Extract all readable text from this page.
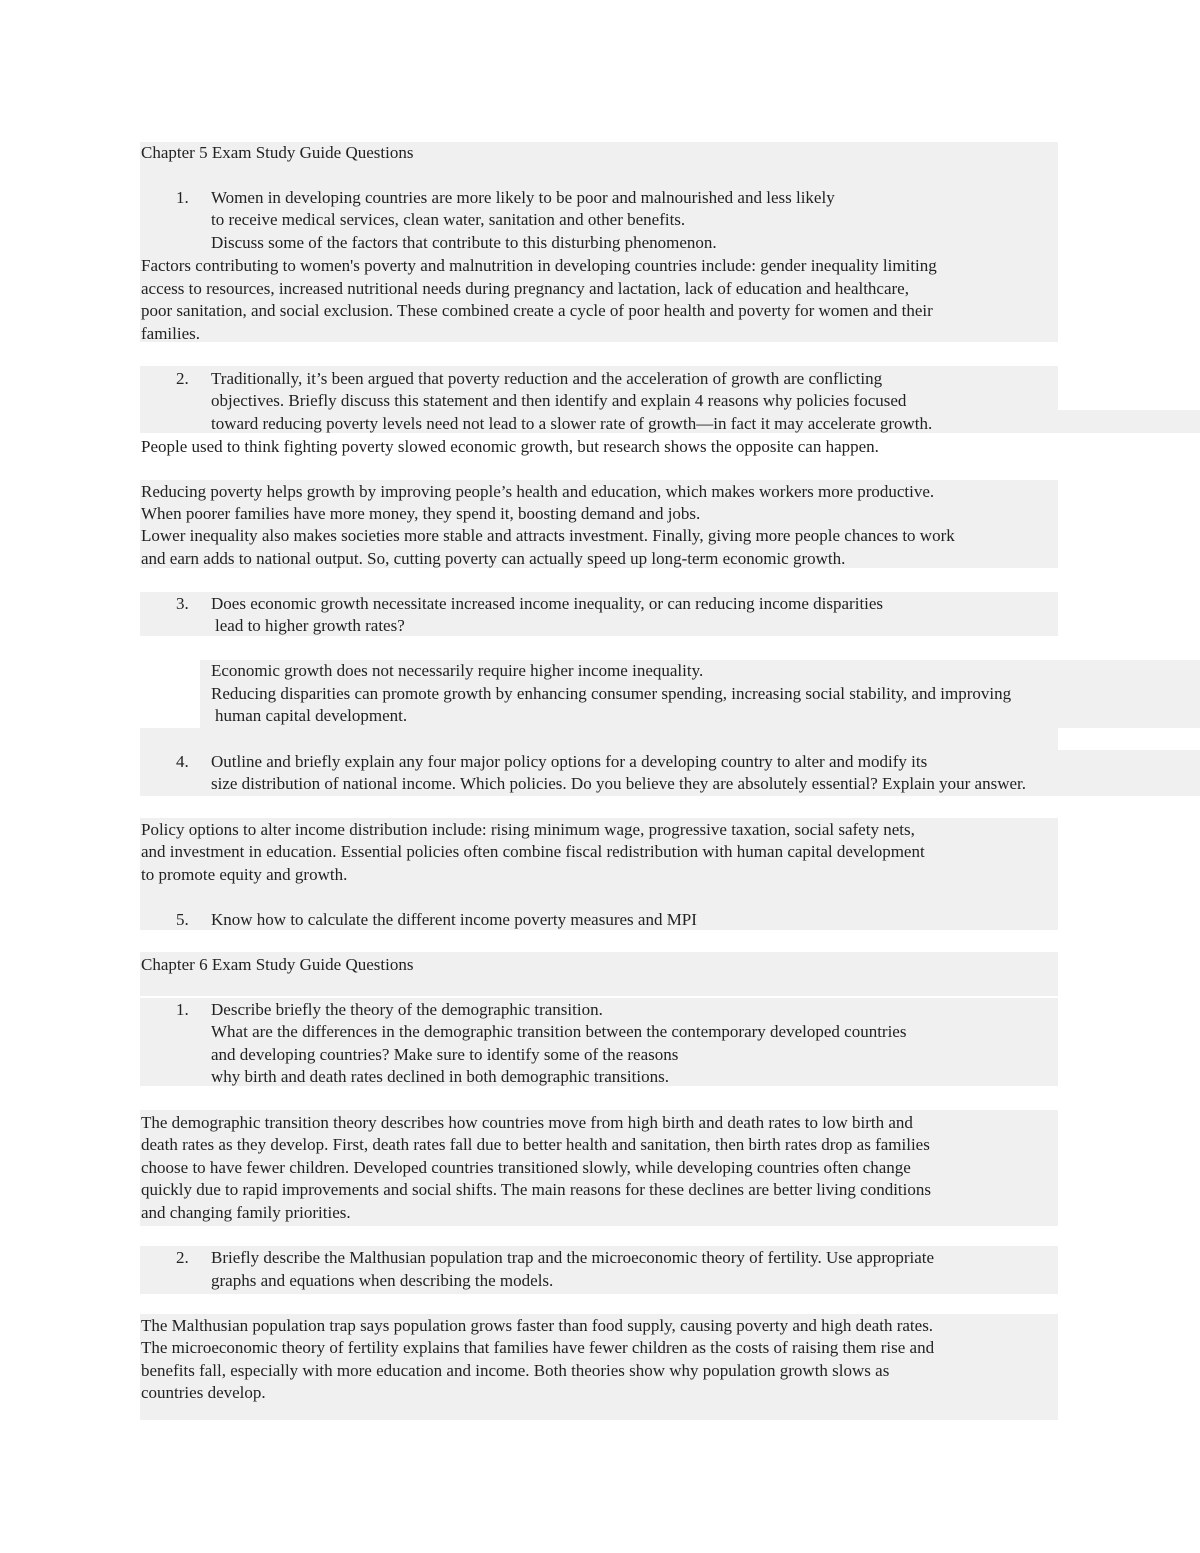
Chapter 5 Exam Study Guide Questions
1. Women in developing countries are more likely to be poor and malnourished and less likely
to receive medical services, clean water, sanitation and other benefits.
Discuss some of the factors that contribute to this disturbing phenomenon.
Factors contributing to women's poverty and malnutrition in developing countries include: gender inequality limiting
access to resources, increased nutritional needs during pregnancy and lactation, lack of education and healthcare,
poor sanitation, and social exclusion. These combined create a cycle of poor health and poverty for women and their
families.
2. Traditionally, it’s been argued that poverty reduction and the acceleration of growth are conflicting
objectives. Briefly discuss this statement and then identify and explain 4 reasons why policies focused
toward reducing poverty levels need not lead to a slower rate of growth—in fact it may accelerate growth.
People used to think fighting poverty slowed economic growth, but research shows the opposite can happen.
Reducing poverty helps growth by improving people’s health and education, which makes workers more productive.
When poorer families have more money, they spend it, boosting demand and jobs.
Lower inequality also makes societies more stable and attracts investment. Finally, giving more people chances to work
and earn adds to national output. So, cutting poverty can actually speed up long-term economic growth.
3. Does economic growth necessitate increased income inequality, or can reducing income disparities
lead to higher growth rates?
Economic growth does not necessarily require higher income inequality.
Reducing disparities can promote growth by enhancing consumer spending, increasing social stability, and improving
human capital development.
4. Outline and briefly explain any four major policy options for a developing country to alter and modify its
size distribution of national income. Which policies. Do you believe they are absolutely essential? Explain your answer.
Policy options to alter income distribution include: rising minimum wage, progressive taxation, social safety nets,
and investment in education. Essential policies often combine fiscal redistribution with human capital development
to promote equity and growth.
5. Know how to calculate the different income poverty measures and MPI
Chapter 6 Exam Study Guide Questions
1. Describe briefly the theory of the demographic transition.
What are the differences in the demographic transition between the contemporary developed countries
and developing countries? Make sure to identify some of the reasons
why birth and death rates declined in both demographic transitions.
The demographic transition theory describes how countries move from high birth and death rates to low birth and
death rates as they develop. First, death rates fall due to better health and sanitation, then birth rates drop as families
choose to have fewer children. Developed countries transitioned slowly, while developing countries often change
quickly due to rapid improvements and social shifts. The main reasons for these declines are better living conditions
and changing family priorities.
2. Briefly describe the Malthusian population trap and the microeconomic theory of fertility. Use appropriate
graphs and equations when describing the models.
The Malthusian population trap says population grows faster than food supply, causing poverty and high death rates.
The microeconomic theory of fertility explains that families have fewer children as the costs of raising them rise and
benefits fall, especially with more education and income. Both theories show why population growth slows as
countries develop.
